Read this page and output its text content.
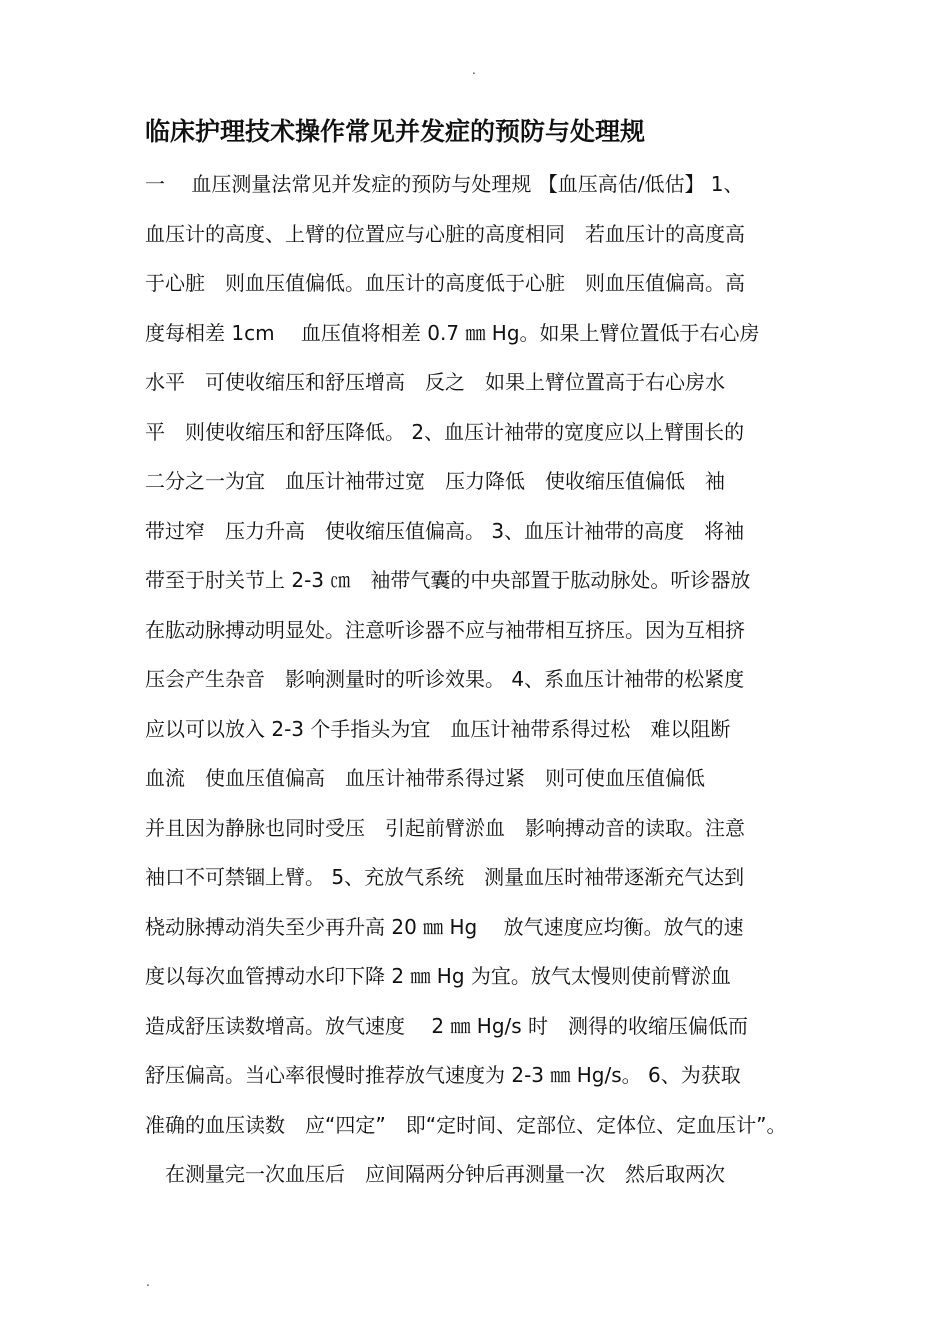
.
临床护理技术操作常见并发症的预防与处理规
一　 血压测量法常见并发症的预防与处理规 【血压高估/低估】 1、
血压计的高度、上臂的位置应与心脏的高度相同　若血压计的高度高
于心脏　则血压值偏低。血压计的高度低于心脏　则血压值偏高。高
度每相差 1cm　 血压值将相差 0.7 ㎜ Hg。如果上臂位置低于右心房
水平　可使收缩压和舒压增高　反之　如果上臂位置高于右心房水
平　则使收缩压和舒压降低。 2、血压计袖带的宽度应以上臂围长的
二分之一为宜　血压计袖带过宽　压力降低　使收缩压值偏低　袖
带过窄　压力升高　使收缩压值偏高。 3、血压计袖带的高度　将袖
带至于肘关节上 2-3 ㎝　袖带气囊的中央部置于肱动脉处。听诊器放
在肱动脉搏动明显处。注意听诊器不应与袖带相互挤压。因为互相挤
压会产生杂音　影响测量时的听诊效果。 4、系血压计袖带的松紧度
应以可以放入 2-3 个手指头为宜　血压计袖带系得过松　难以阻断
血流　使血压值偏高　血压计袖带系得过紧　则可使血压值偏低
并且因为静脉也同时受压　引起前臂淤血　影响搏动音的读取。注意
袖口不可禁锢上臂。 5、充放气系统　测量血压时袖带逐渐充气达到
桡动脉搏动消失至少再升高 20 ㎜ Hg　 放气速度应均衡。放气的速
度以每次血管搏动水印下降 2 ㎜ Hg 为宜。放气太慢则使前臂淤血
造成舒压读数增高。放气速度　 2 ㎜ Hg/s 时　测得的收缩压偏低而
舒压偏高。当心率很慢时推荐放气速度为 2-3 ㎜ Hg/s。 6、为获取
准确的血压读数　应“四定”　即“定时间、定部位、定体位、定血压计”。
　在测量完一次血压后　应间隔两分钟后再测量一次　然后取两次
.
